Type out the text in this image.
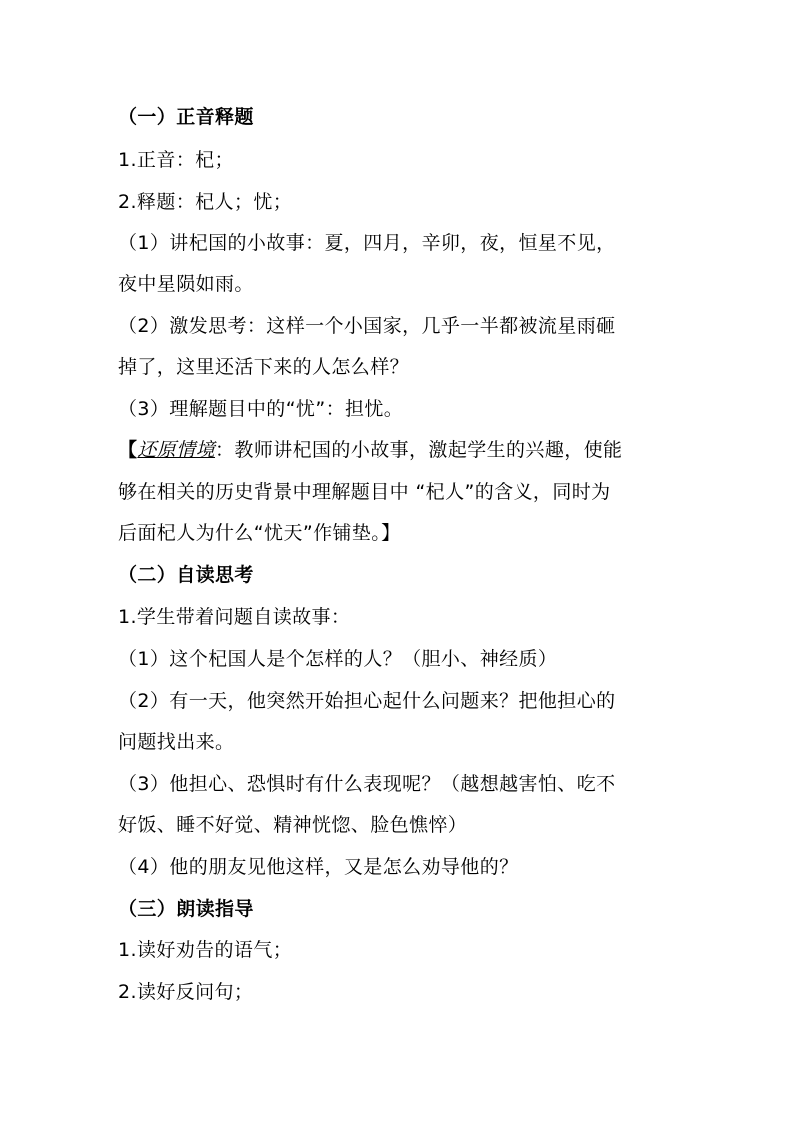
（一）正音释题
1.正音：杞；
2.释题：杞人；忧；
（1）讲杞国的小故事：夏，四月，辛卯，夜，恒星不见，
夜中星陨如雨。
（2）激发思考：这样一个小国家，几乎一半都被流星雨砸
掉了，这里还活下来的人怎么样？
（3）理解题目中的“忧”：担忧。
【还原情境：教师讲杞国的小故事，激起学生的兴趣，使能
够在相关的历史背景中理解题目中 “杞人”的含义，同时为
后面杞人为什么“忧天”作铺垫。】
（二）自读思考
1.学生带着问题自读故事：
（1）这个杞国人是个怎样的人？（胆小、神经质）
（2）有一天，他突然开始担心起什么问题来？把他担心的
问题找出来。
（3）他担心、恐惧时有什么表现呢？（越想越害怕、吃不
好饭、睡不好觉、精神恍惚、脸色憔悴）
（4）他的朋友见他这样，又是怎么劝导他的？
（三）朗读指导
1.读好劝告的语气；
2.读好反问句；
